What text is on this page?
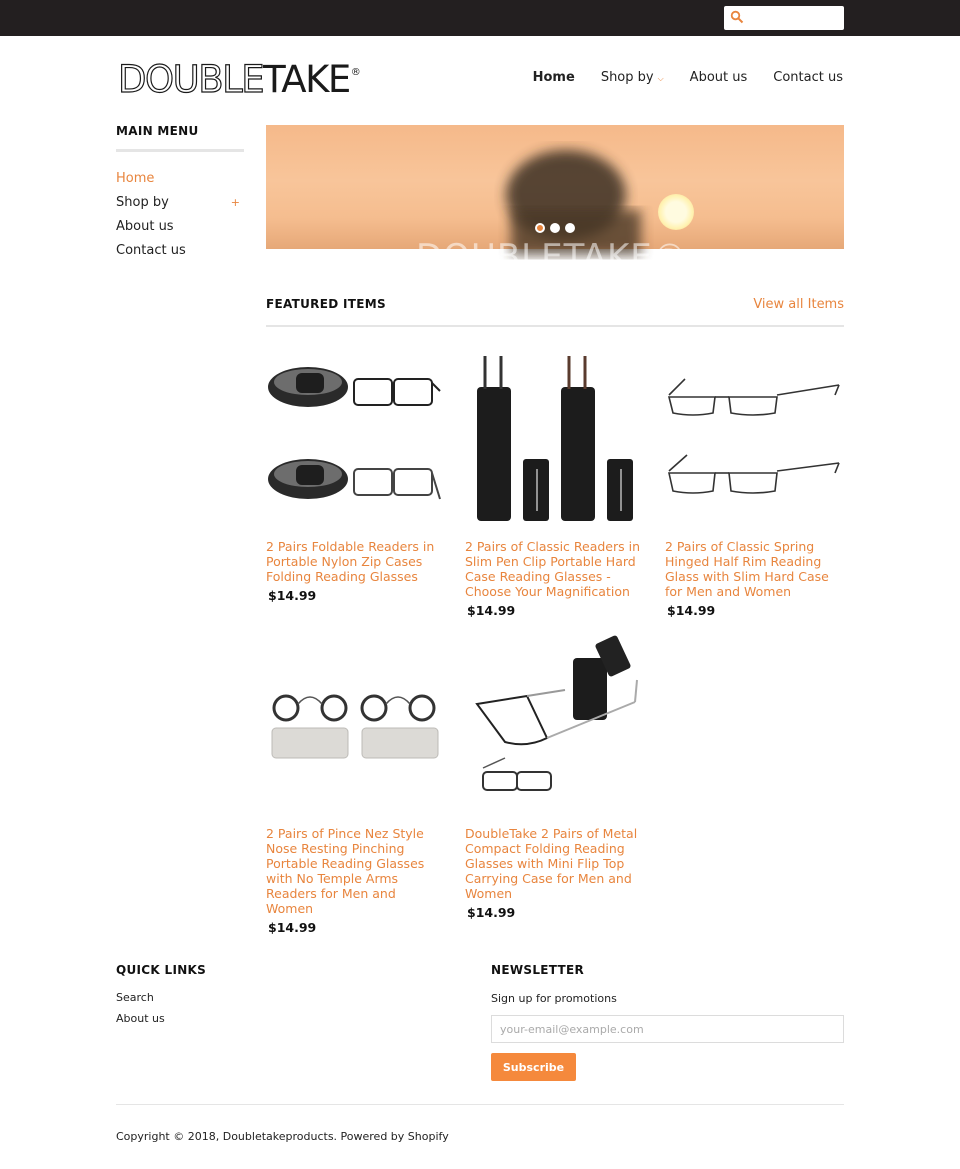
DOUBLE TAKE ®	Home Shop by ⌵ About us Contact us
MAIN MENU
Home
Shop by	+
About us
Contact us	DOUBLETAKE®
FEATURED ITEMS	View all Items
2 Pairs Foldable Readers in Portable Nylon Zip Cases Folding Reading Glasses
$14.99
2 Pairs of Classic Readers in Slim Pen Clip Portable Hard Case Reading Glasses - Choose Your Magnification
$14.99
2 Pairs of Classic Spring Hinged Half Rim Reading Glass with Slim Hard Case for Men and Women
$14.99
2 Pairs of Pince Nez Style Nose Resting Pinching Portable Reading Glasses with No Temple Arms Readers for Men and Women
$14.99
DoubleTake 2 Pairs of Metal Compact Folding Reading Glasses with Mini Flip Top Carrying Case for Men and Women
$14.99
QUICK LINKS
Search
About us
NEWSLETTER

Sign up for promotions

your-email@example.com
Subscribe
Copyright © 2018, Doubletakeproducts. Powered by Shopify
